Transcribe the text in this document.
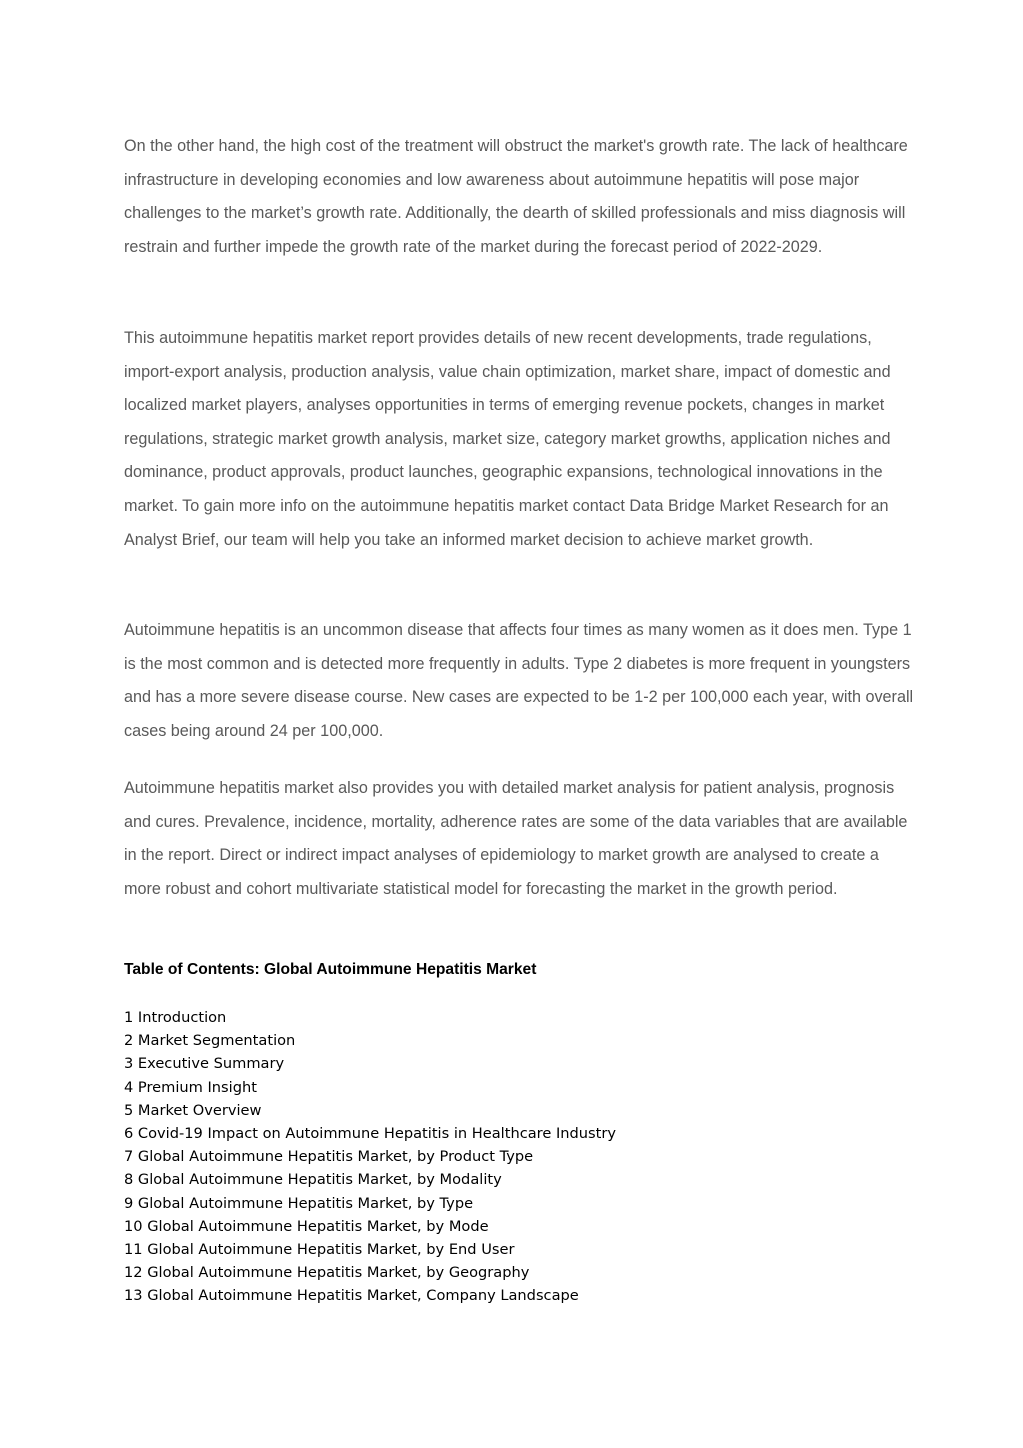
On the other hand, the high cost of the treatment will obstruct the market's growth rate. The lack of healthcare infrastructure in developing economies and low awareness about autoimmune hepatitis will pose major challenges to the market’s growth rate. Additionally, the dearth of skilled professionals and miss diagnosis will restrain and further impede the growth rate of the market during the forecast period of 2022-2029.

This autoimmune hepatitis market report provides details of new recent developments, trade regulations, import-export analysis, production analysis, value chain optimization, market share, impact of domestic and localized market players, analyses opportunities in terms of emerging revenue pockets, changes in market regulations, strategic market growth analysis, market size, category market growths, application niches and dominance, product approvals, product launches, geographic expansions, technological innovations in the market. To gain more info on the autoimmune hepatitis market contact Data Bridge Market Research for an Analyst Brief, our team will help you take an informed market decision to achieve market growth.

Autoimmune hepatitis is an uncommon disease that affects four times as many women as it does men. Type 1 is the most common and is detected more frequently in adults. Type 2 diabetes is more frequent in youngsters and has a more severe disease course. New cases are expected to be 1-2 per 100,000 each year, with overall cases being around 24 per 100,000.

Autoimmune hepatitis market also provides you with detailed market analysis for patient analysis, prognosis and cures. Prevalence, incidence, mortality, adherence rates are some of the data variables that are available in the report. Direct or indirect impact analyses of epidemiology to market growth are analysed to create a more robust and cohort multivariate statistical model for forecasting the market in the growth period.

Table of Contents: Global Autoimmune Hepatitis Market
1 Introduction
2 Market Segmentation
3 Executive Summary
4 Premium Insight
5 Market Overview
6 Covid-19 Impact on Autoimmune Hepatitis in Healthcare Industry
7 Global Autoimmune Hepatitis Market, by Product Type
8 Global Autoimmune Hepatitis Market, by Modality
9 Global Autoimmune Hepatitis Market, by Type
10 Global Autoimmune Hepatitis Market, by Mode
11 Global Autoimmune Hepatitis Market, by End User
12 Global Autoimmune Hepatitis Market, by Geography
13 Global Autoimmune Hepatitis Market, Company Landscape
